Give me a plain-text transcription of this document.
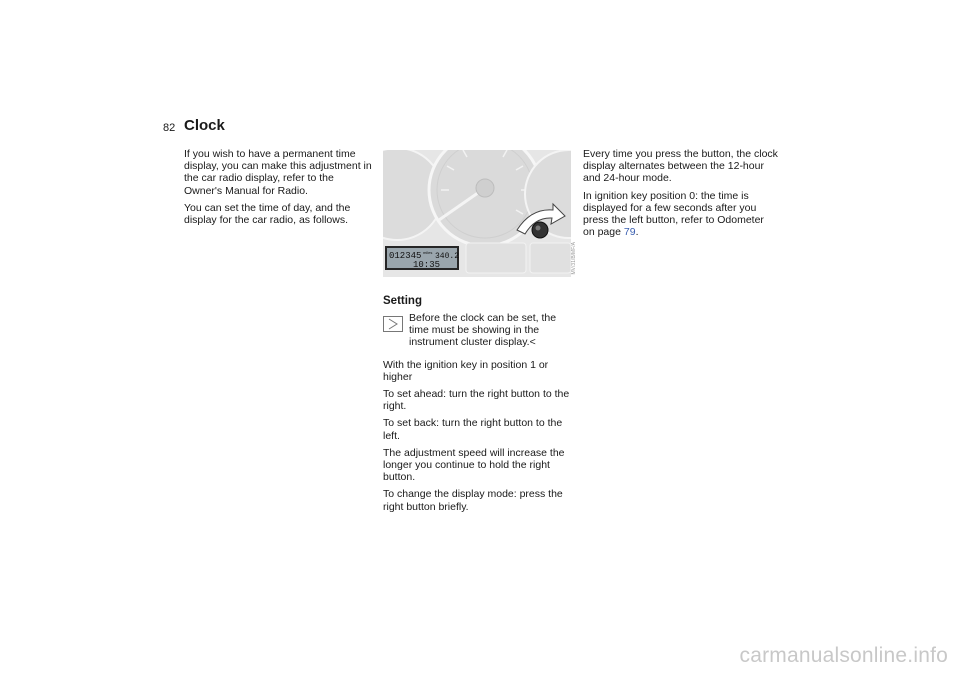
82 Clock

If you wish to have a permanent time display, you can make this adjustment in the car radio display, refer to the Owner's Manual for Radio.

You can set the time of day, and the display for the car radio, as follows.

012345 miles 340.2
10:35	MV/31/B/MF/A
Setting
Before the clock can be set, the time must be showing in the instrument cluster display.<

With the ignition key in position 1 or higher

To set ahead: turn the right button to the right.

To set back: turn the right button to the left.

The adjustment speed will increase the longer you continue to hold the right button.

To change the display mode: press the right button briefly.

Every time you press the button, the clock display alternates between the 12-hour and 24-hour mode.

In ignition key position 0: the time is displayed for a few seconds after you press the left button, refer to Odometer on page 79.

carmanualsonline.info
